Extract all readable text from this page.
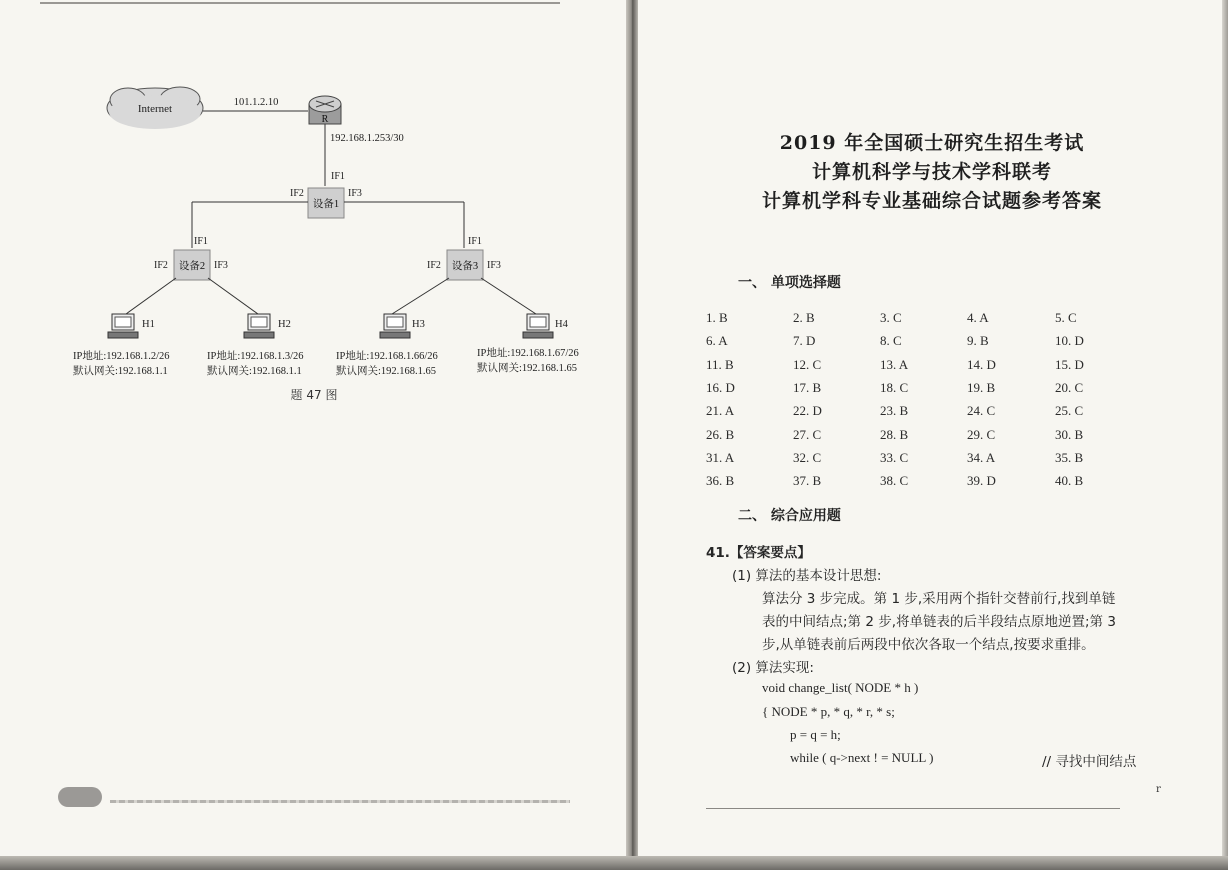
Internet
101.1.2.10
R
192.168.1.253/30
IF1
设备1
IF2	IF3
IF1
设备2
IF2	IF3
IF1
设备3
IF2	IF3
H1	H2	H3	H4
IP地址:192.168.1.2/26
默认网关:192.168.1.1
IP地址:192.168.1.3/26
默认网关:192.168.1.1
IP地址:192.168.1.66/26
默认网关:192.168.1.65
IP地址:192.168.1.67/26
默认网关:192.168.1.65
题 47 图
2019 年全国硕士研究生招生考试
计算机科学与技术学科联考
计算机学科专业基础综合试题参考答案
一、 单项选择题
1. B	2. B	3. C	4. A	5. C
6. A	7. D	8. C	9. B	10. D
11. B	12. C	13. A	14. D	15. D
16. D	17. B	18. C	19. B	20. C
21. A	22. D	23. B	24. C	25. C
26. B	27. C	28. B	29. C	30. B
31. A	32. C	33. C	34. A	35. B
36. B	37. B	38. C	39. D	40. B
二、 综合应用题
41.【答案要点】
(1) 算法的基本设计思想:
算法分 3 步完成。第 1 步,采用两个指针交替前行,找到单链
表的中间结点;第 2 步,将单链表的后半段结点原地逆置;第 3
步,从单链表前后两段中依次各取一个结点,按要求重排。
(2) 算法实现:
void change_list( NODE * h )
{ NODE * p, * q, * r, * s;
p = q = h;
while ( q->next ! = NULL )	// 寻找中间结点
r
